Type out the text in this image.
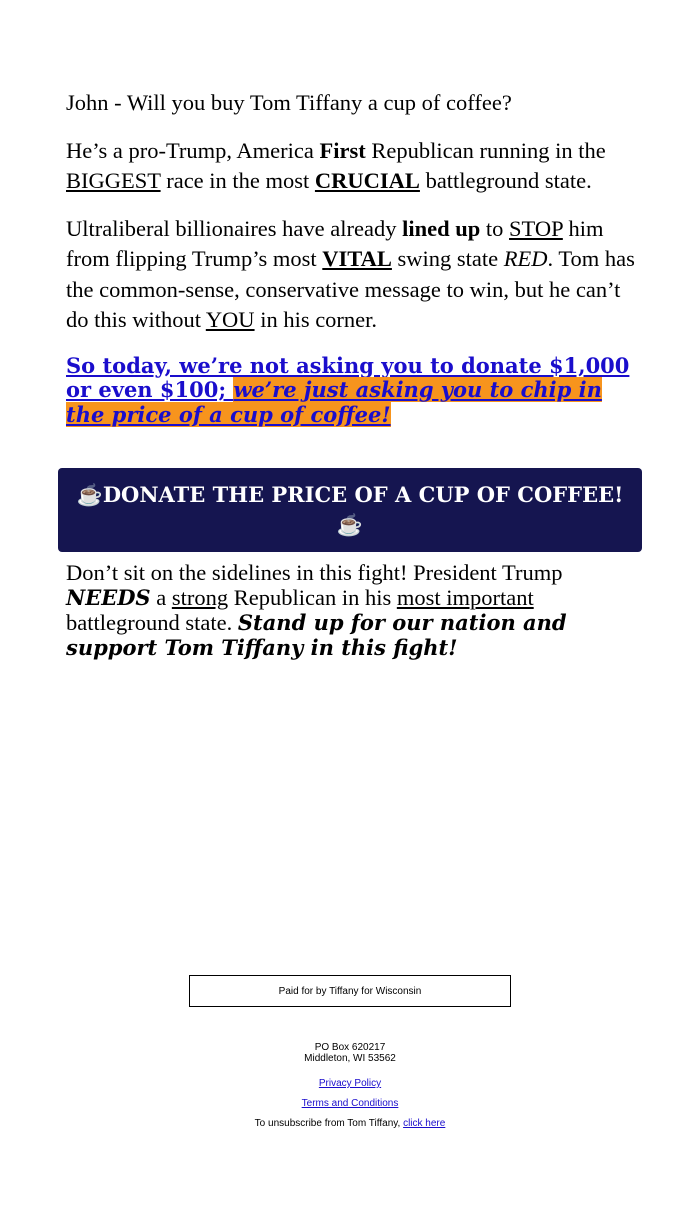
John - Will you buy Tom Tiffany a cup of coffee?

He’s a pro-Trump, America First Republican running in the BIGGEST race in the most CRUCIAL battleground state.

Ultraliberal billionaires have already lined up to STOP him from flipping Trump’s most VITAL swing state RED. Tom has the common-sense, conservative message to win, but he can’t do this without YOU in his corner.

So today, we’re not asking you to donate $1,000 or even $100; we’re just asking you to chip in the price of a cup of coffee!

☕DONATE THE PRICE OF A CUP OF COFFEE! ☕
Don’t sit on the sidelines in this fight! President Trump NEEDS a strong Republican in his most important battleground state. Stand up for our nation and support Tom Tiffany in this fight!
Paid for by Tiffany for Wisconsin
PO Box 620217
Middleton, WI 53562
Privacy Policy
Terms and Conditions
To unsubscribe from Tom Tiffany, click here
